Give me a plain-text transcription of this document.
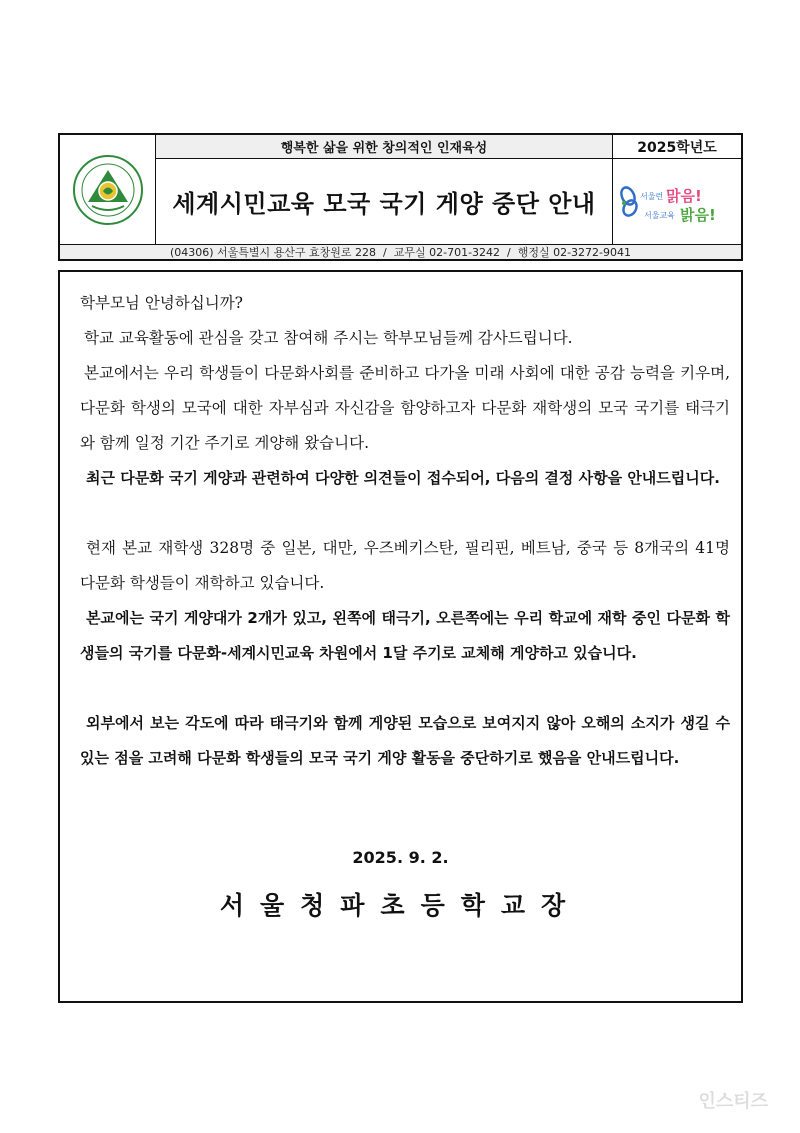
행복한 삶을 위한 창의적인 인재육성	2025학년도
세계시민교육 모국 국기 게양 중단 안내	서울런 맑음!
서울교육 밝음!
(04306) 서울특별시 용산구 효창원로 228  /  교무실 02-701-3242  /  행정실 02-3272-9041

학부모님 안녕하십니까?

학교 교육활동에 관심을 갖고 참여해 주시는 학부모님들께 감사드립니다.

본교에서는 우리 학생들이 다문화사회를 준비하고 다가올 미래 사회에 대한 공감 능력을 키우며, 다문화 학생의 모국에 대한 자부심과 자신감을 함양하고자 다문화 재학생의 모국 국기를 태극기와 함께 일정 기간 주기로 게양해 왔습니다.

최근 다문화 국기 게양과 관련하여 다양한 의견들이 접수되어, 다음의 결정 사항을 안내드립니다.

현재 본교 재학생 328명 중 일본, 대만, 우즈베키스탄, 필리핀, 베트남, 중국 등 8개국의 41명 다문화 학생들이 재학하고 있습니다.

본교에는 국기 게양대가 2개가 있고, 왼쪽에 태극기, 오른쪽에는 우리 학교에 재학 중인 다문화 학생들의 국기를 다문화-세계시민교육 차원에서 1달 주기로 교체해 게양하고 있습니다.

외부에서 보는 각도에 따라 태극기와 함께 게양된 모습으로 보여지지 않아 오해의 소지가 생길 수 있는 점을 고려해 다문화 학생들의 모국 국기 게양 활동을 중단하기로 했음을 안내드립니다.

2025. 9. 2.
서울청파초등학교장
인스티즈
